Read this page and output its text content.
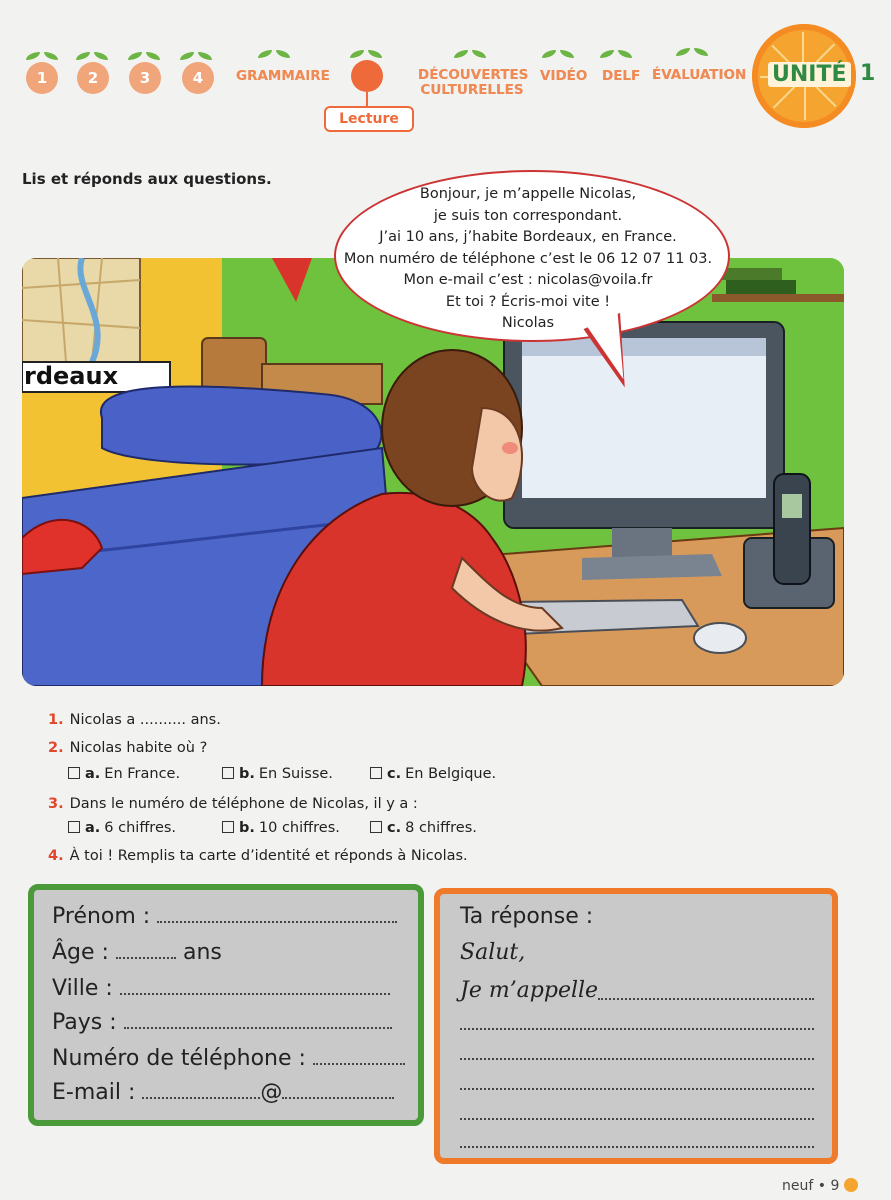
1	2	3	4	GRAMMAIRE
Lecture
DÉCOUVERTES
CULTURELLES
VIDÉO DELF ÉVALUATION UNITÉ 1
Lis et réponds aux questions.
rdeaux
Bonjour, je m’appelle Nicolas,
je suis ton correspondant.
J’ai 10 ans, j’habite Bordeaux, en France.
Mon numéro de téléphone c’est le 06 12 07 11 03.
Mon e-mail c’est : nicolas@voila.fr
Et toi ? Écris-moi vite !
Nicolas
1. Nicolas a .......... ans.
2. Nicolas habite où ?
a. En France.	b. En Suisse.	c. En Belgique.
3. Dans le numéro de téléphone de Nicolas, il y a :
a. 6 chiffres.	b. 10 chiffres.	c. 8 chiffres.
4. À toi ! Remplis ta carte d’identité et réponds à Nicolas.
Prénom :
Âge :	ans
Ville :
Pays :
Numéro de téléphone :
E-mail :	@
Ta réponse :
Salut,
Je m’appelle
neuf • 9
